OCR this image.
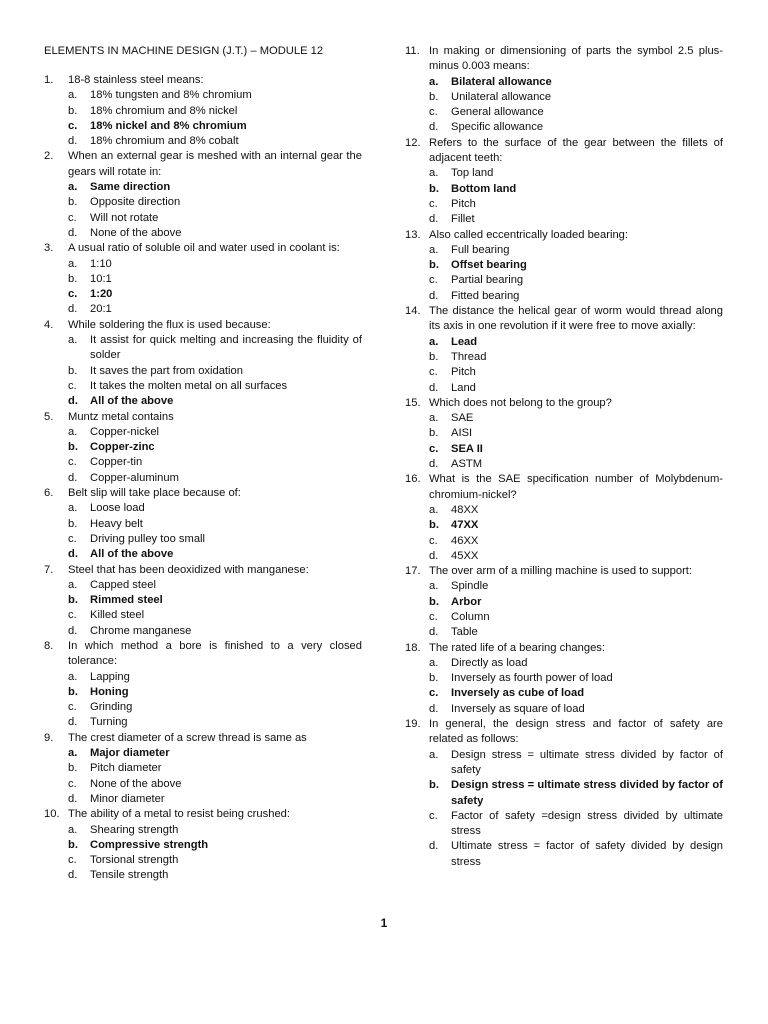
ELEMENTS IN MACHINE DESIGN (J.T.) – MODULE 12
1.	18-8 stainless steel means:
a.	18% tungsten and 8% chromium
b.	18% chromium and 8% nickel
c.	18% nickel and 8% chromium
d.	18% chromium and 8% cobalt
2.	When an external gear is meshed with an internal gear the gears will rotate in:
a.	Same direction
b.	Opposite direction
c.	Will not rotate
d.	None of the above
3.	A usual ratio of soluble oil and water used in coolant is:
a.	1:10
b.	10:1
c.	1:20
d.	20:1
4.	While soldering the flux is used because:
a.	It assist for quick melting and increasing the fluidity of solder
b.	It saves the part from oxidation
c.	It takes the molten metal on all surfaces
d.	All of the above
5.	Muntz metal contains
a.	Copper-nickel
b.	Copper-zinc
c.	Copper-tin
d.	Copper-aluminum
6.	Belt slip will take place because of:
a.	Loose load
b.	Heavy belt
c.	Driving pulley too small
d.	All of the above
7.	Steel that has been deoxidized with manganese:
a.	Capped steel
b.	Rimmed steel
c.	Killed steel
d.	Chrome manganese
8.	In which method a bore is finished to a very closed tolerance:
a.	Lapping
b.	Honing
c.	Grinding
d.	Turning
9.	The crest diameter of a screw thread is same as
a.	Major diameter
b.	Pitch diameter
c.	None of the above
d.	Minor diameter
10. The ability of a metal to resist being crushed:
a.	Shearing strength
b.	Compressive strength
c.	Torsional strength
d.	Tensile strength
11. In making or dimensioning of parts the symbol 2.5 plus-minus 0.003 means:
a.	Bilateral allowance
b.	Unilateral allowance
c.	General allowance
d.	Specific allowance
12. Refers to the surface of the gear between the fillets of adjacent teeth:
a.	Top land
b.	Bottom land
c.	Pitch
d.	Fillet
13. Also called eccentrically loaded bearing:
a.	Full bearing
b.	Offset bearing
c.	Partial bearing
d.	Fitted bearing
14. The distance the helical gear of worm would thread along its axis in one revolution if it were free to move axially:
a.	Lead
b.	Thread
c.	Pitch
d.	Land
15. Which does not belong to the group?
a.	SAE
b.	AISI
c.	SEA II
d.	ASTM
16. What is the SAE specification number of Molybdenum-chromium-nickel?
a.	48XX
b.	47XX
c.	46XX
d.	45XX
17. The over arm of a milling machine is used to support:
a.	Spindle
b.	Arbor
c.	Column
d.	Table
18. The rated life of a bearing changes:
a.	Directly as load
b.	Inversely as fourth power of load
c.	Inversely as cube of load
d.	Inversely as square of load
19. In general, the design stress and factor of safety are related as follows:
a.	Design stress = ultimate stress divided by factor of safety
b.	Design stress = ultimate stress divided by factor of safety
c.	Factor of safety =design stress divided by ultimate stress
d.	Ultimate stress = factor of safety divided by design stress
1
